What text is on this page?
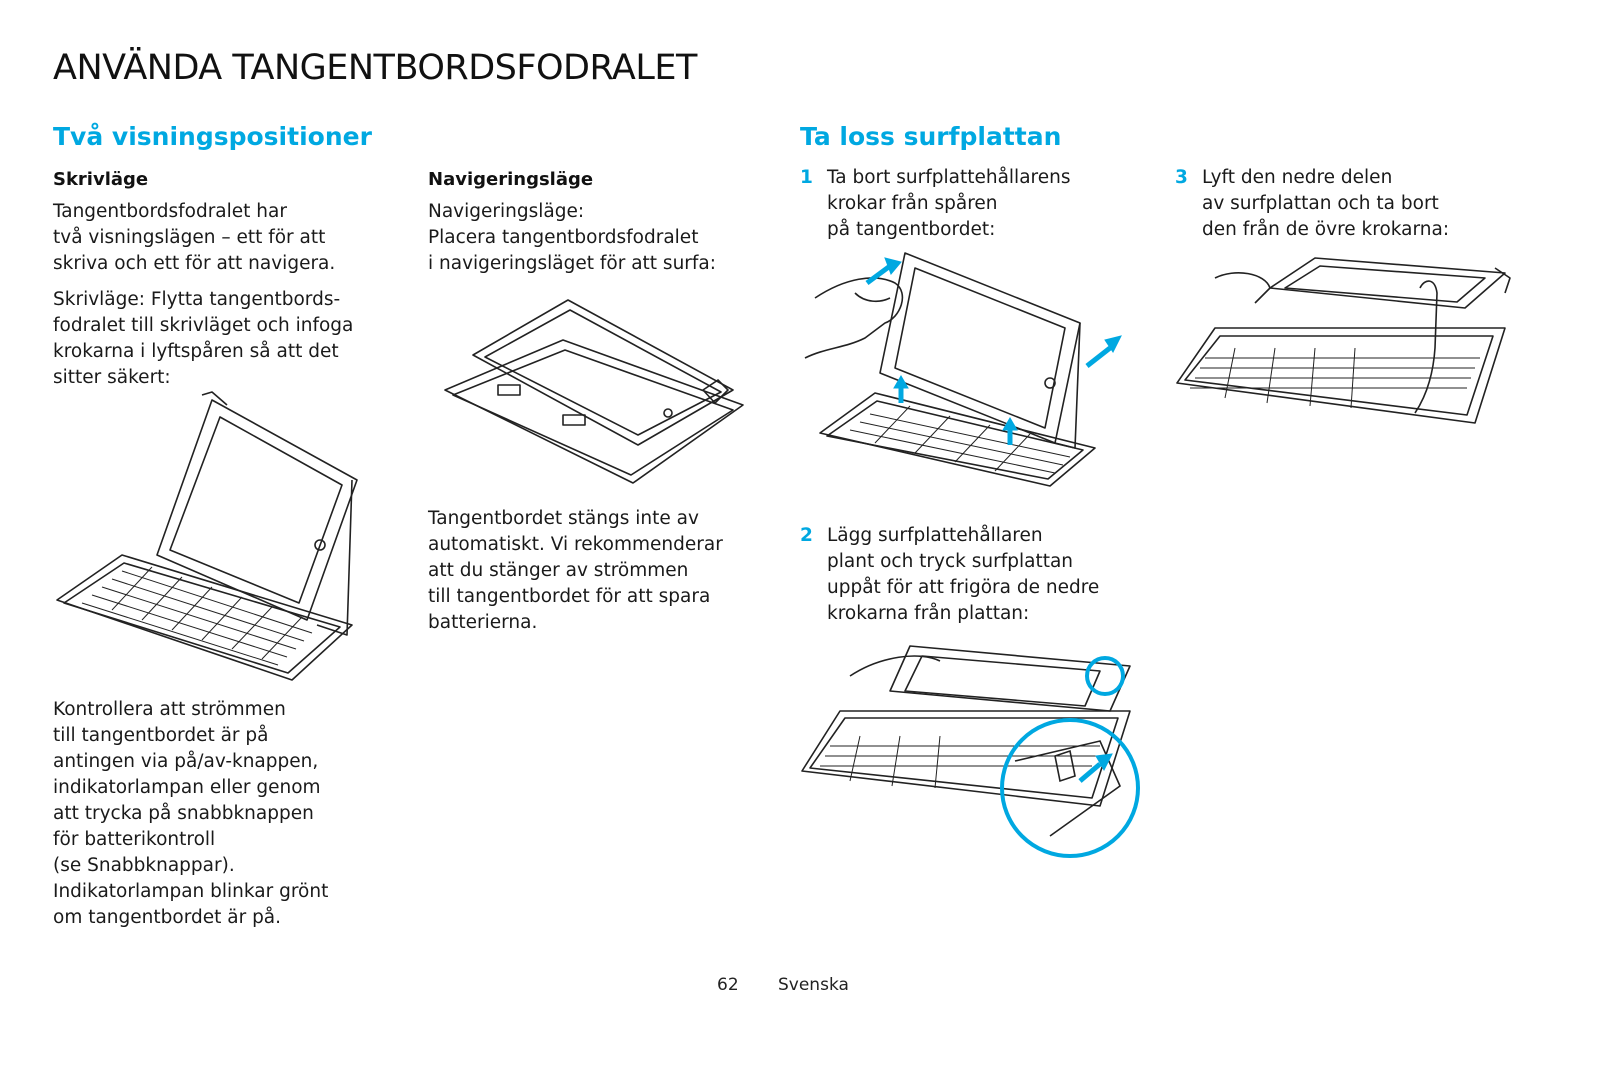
ANVÄNDA TANGENTBORDSFODRALET
Två visningspositioner
Skrivläge
Tangentbordsfodralet har
två visningslägen – ett för att
skriva och ett för att navigera.
Skrivläge: Flytta tangentbords-
fodralet till skrivläget och infoga
krokarna i lyftspåren så att det
sitter säkert:
Kontrollera att strömmen
till tangentbordet är på
antingen via på/av-knappen,
indikatorlampan eller genom
att trycka på snabbknappen
för batterikontroll
(se Snabbknappar).
Indikatorlampan blinkar grönt
om tangentbordet är på.
Navigeringsläge
Navigeringsläge:
Placera tangentbordsfodralet
i navigeringsläget för att surfa:
Tangentbordet stängs inte av
automatiskt. Vi rekommenderar
att du stänger av strömmen
till tangentbordet för att spara
batterierna.
Ta loss surfplattan
1 Ta bort surfplattehållarens
krokar från spåren
på tangentbordet:
2 Lägg surfplattehållaren
plant och tryck surfplattan
uppåt för att frigöra de nedre
krokarna från plattan:
3 Lyft den nedre delen
av surfplattan och ta bort
den från de övre krokarna:
62 Svenska
